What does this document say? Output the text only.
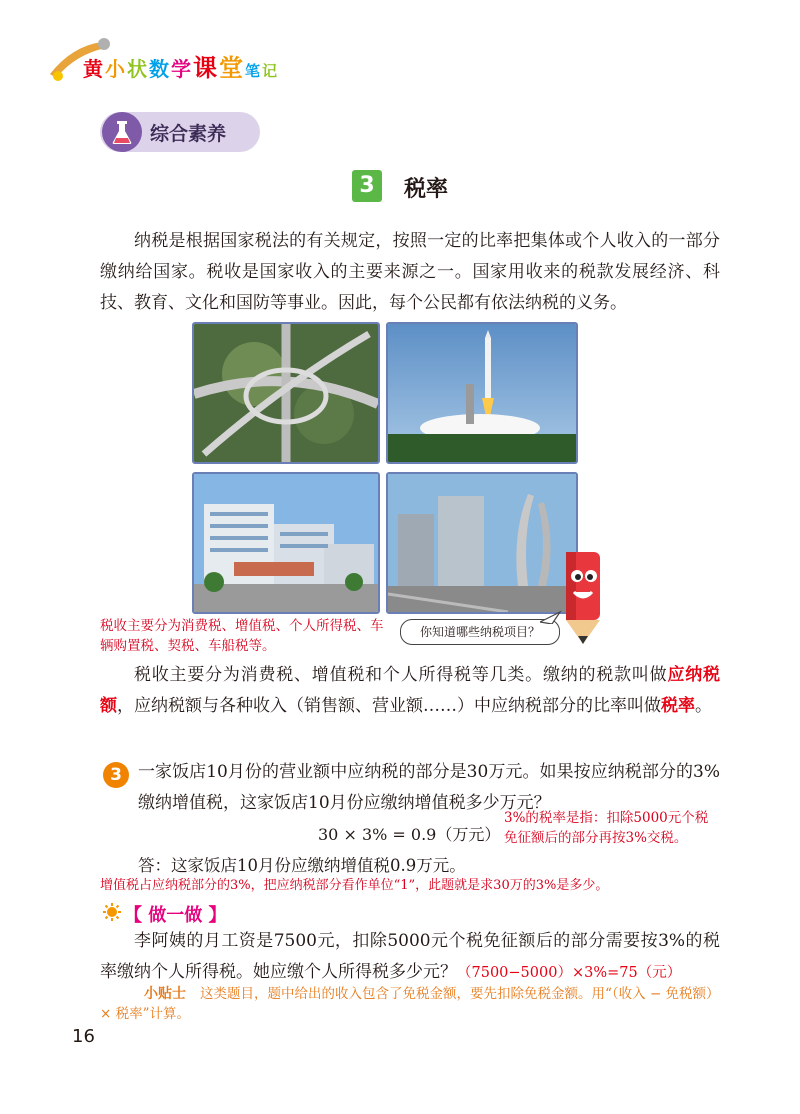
黄 小 状 数 学课堂 笔 记
综合素养
3	税率
纳税是根据国家税法的有关规定，按照一定的比率把集体或个人收入的一部分缴纳给国家。税收是国家收入的主要来源之一。国家用收来的税款发展经济、科技、教育、文化和国防等事业。因此，每个公民都有依法纳税的义务。
你知道哪些纳税项目？
税收主要分为消费税、增值税、个人所得税、车辆购置税、契税、车船税等。
税收主要分为消费税、增值税和个人所得税等几类。缴纳的税款叫做应纳税额，应纳税额与各种收入（销售额、营业额……）中应纳税部分的比率叫做税率。
3 一家饭店10月份的营业额中应纳税的部分是30万元。如果按应纳税部分的3%缴纳增值税，这家饭店10月份应缴纳增值税多少万元？
30 × 3% = 0.9（万元）
3%的税率是指：扣除5000元个税免征额后的部分再按3%交税。
答：这家饭店10月份应缴纳增值税0.9万元。
增值税占应纳税部分的3%，把应纳税部分看作单位“1”，此题就是求30万的3%是多少。
【 做一做 】
李阿姨的月工资是7500元，扣除5000元个税免征额后的部分需要按3%的税率缴纳个人所得税。她应缴个人所得税多少元？（7500−5000）×3%=75（元）
小贴士	这类题目，题中给出的收入包含了免税金额，要先扣除免税金额。用“（收入 − 免税额）× 税率”计算。
16
